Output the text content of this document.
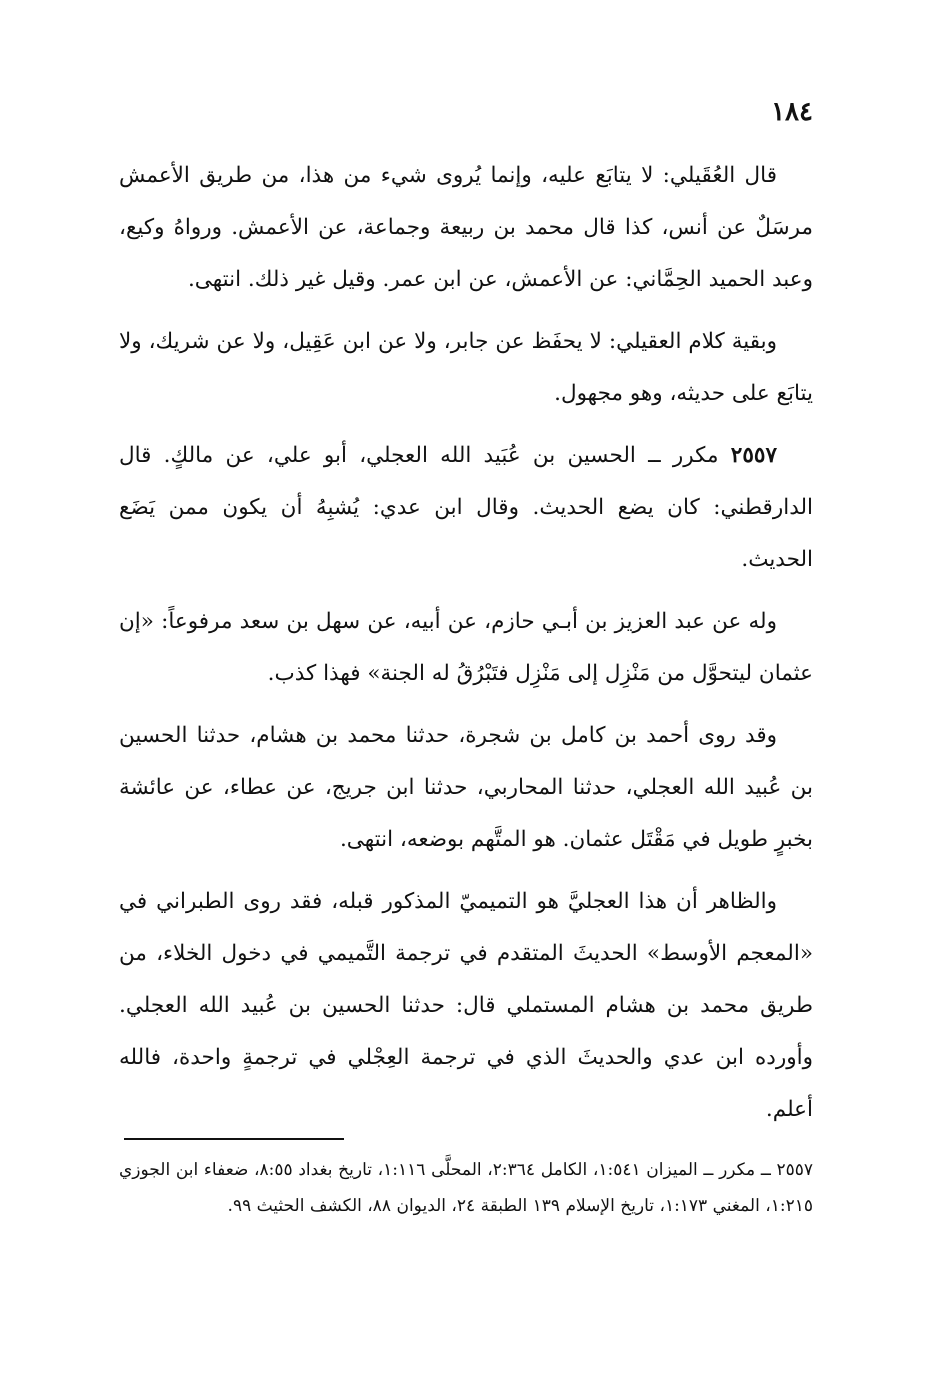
١٨٤

قال العُقَيلي: لا يتابَع عليه، وإنما يُروى شيء من هذا، من طريق الأعمش مرسَلٌ عن أنس، كذا قال محمد بن ربيعة وجماعة، عن الأعمش. ورواهُ وكيع، وعبد الحميد الحِمَّاني: عن الأعمش، عن ابن عمر. وقيل غير ذلك. انتهى.

وبقية كلام العقيلي: لا يحفَظ عن جابر، ولا عن ابن عَقِيل، ولا عن شريك، ولا يتابَع على حديثه، وهو مجهول.

٢٥٥٧ مكرر ــ الحسين بن عُبَيد الله العجلي، أبو علي، عن مالكٍ. قال الدارقطني: كان يضع الحديث. وقال ابن عدي: يُشبِهُ أن يكون ممن يَضَع الحديث.

وله عن عبد العزيز بن أبـي حازم، عن أبيه، عن سهل بن سعد مرفوعاً: «إن عثمان ليتحوَّل من مَنْزِل إلى مَنْزِل فتَبْرُقُ له الجنة» فهذا كذب.

وقد روى أحمد بن كامل بن شجرة، حدثنا محمد بن هشام، حدثنا الحسين بن عُبيد الله العجلي، حدثنا المحاربي، حدثنا ابن جريج، عن عطاء، عن عائشة بخبرٍ طويل في مَقْتَل عثمان. هو المتَّهم بوضعه، انتهى.

والظاهر أن هذا العجليَّ هو التميميّ المذكور قبله، فقد روى الطبراني في «المعجم الأوسط» الحديثَ المتقدم في ترجمة التَّميمي في دخول الخلاء، من طريق محمد بن هشام المستملي قال: حدثنا الحسين بن عُبيد الله العجلي. وأورده ابن عدي والحديثَ الذي في ترجمة العِجْلي في ترجمةٍ واحدة، فالله أعلم.

٢٥٥٧ ــ مكرر ــ الميزان ١:٥٤١، الكامل ٢:٣٦٤، المحلَّى ١:١١٦، تاريخ بغداد ٨:٥٥، ضعفاء ابن الجوزي ١:٢١٥، المغني ١:١٧٣، تاريخ الإسلام ١٣٩ الطبقة ٢٤، الديوان ٨٨، الكشف الحثيث ٩٩.
